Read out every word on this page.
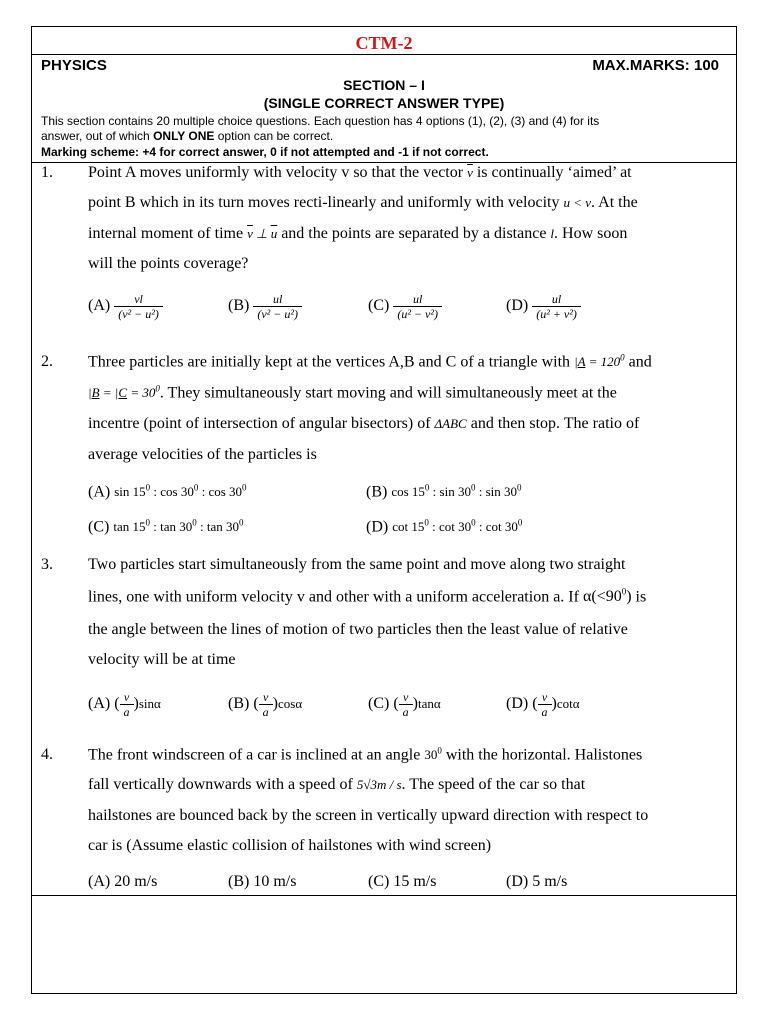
CTM-2
PHYSICS	MAX.MARKS: 100
SECTION – I
(SINGLE CORRECT ANSWER TYPE)
This section contains 20 multiple choice questions. Each question has 4 options (1), (2), (3) and (4) for its
answer, out of which ONLY ONE option can be correct.
Marking scheme: +4 for correct answer, 0 if not attempted and -1 if not correct.
1. Point A moves uniformly with velocity v so that the vector $\overline{v}$ is continually ‘aimed’ at
point B which in its turn moves recti-linearly and uniformly with velocity u < v. At the
internal moment of time $\overline{v}$ ⊥ $\overline{u}$ and the points are separated by a distance l. How soon
will the points coverage?
$(A) \frac{vl}{\text{(v² − u²)}}$	$(B) \frac{ul}{\text{(v² − u²)}}$	$(C) \frac{ul}{\text{(u² − v²)}}$	$(D) \frac{ul}{\text{(u² + v²)}}$
2. Three particles are initially kept at the vertices A,B and C of a triangle with $|A = 120^0$ and
$|B = |C = 30^0$. They simultaneously start moving and will simultaneously meet at the
incentre (point of intersection of angular bisectors) of ΔABC and then stop. The ratio of
average velocities of the particles is
(A) $\sin 15^0$ : $\cos 30^0$ : $\cos 30^0$	(B) $\cos 15^0$ : $\sin 30^0$ : $\sin 30^0$
(C) $\tan 15^0$ : $\tan 30^0$ : $\tan 30^0$	(D) $\cot 15^0$ : $\cot 30^0$ : $\cot 30^0$
3. Two particles start simultaneously from the same point and move along two straight
lines, one with uniform velocity v and other with a uniform acceleration a. If $\alpha(<90^0)$ is
the angle between the lines of motion of two particles then the least value of relative
velocity will be at time
(A) ( $\frac{v}{a} )\sin\alpha$	(B) ( $\frac{v}{a} )\cos\alpha$	(C) ( $\frac{v}{a} )\tan\alpha$	(D) ( $\frac{v}{a} )\cot\alpha$
4. The front windscreen of a car is inclined at an angle $30^0$ with the horizontal. Halistones
fall vertically downwards with a speed of 5√3m / s. The speed of the car so that
hailstones are bounced back by the screen in vertically upward direction with respect to
car is (Assume elastic collision of hailstones with wind screen)
(A) 20 m/s	(B) 10 m/s	(C) 15 m/s	(D) 5 m/s
